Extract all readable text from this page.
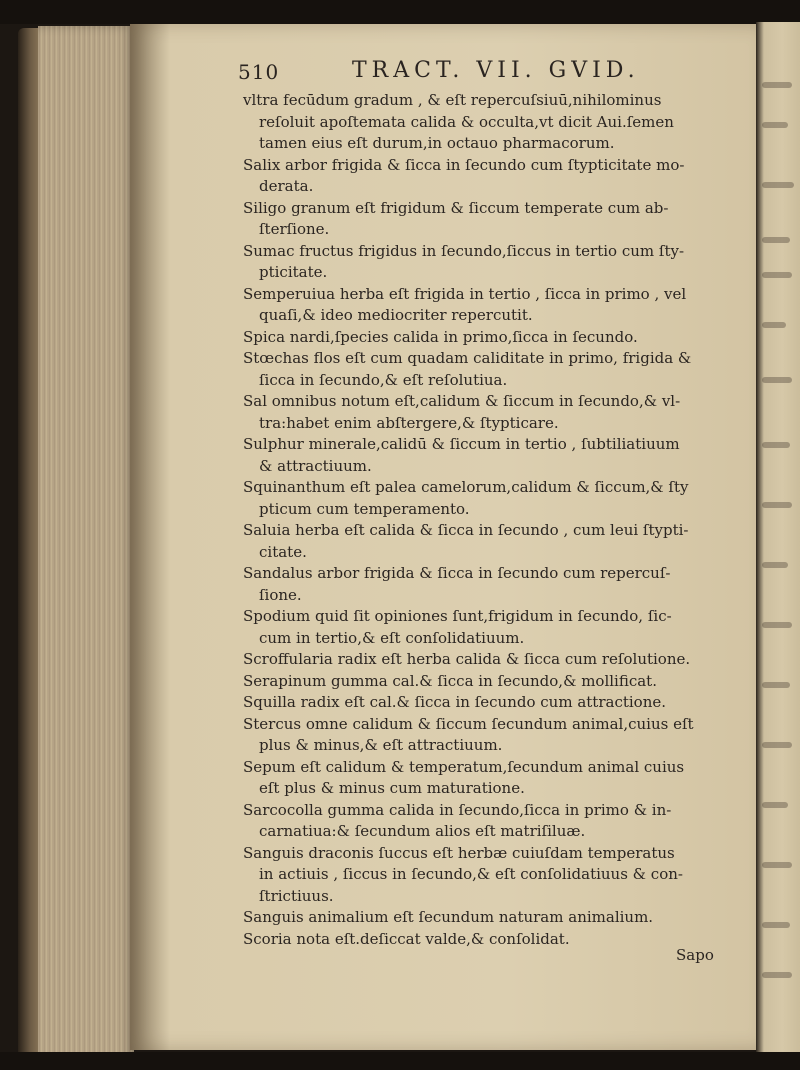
510	TRACT. VII. GVID.
vltra fecūdum gradum , & eſt repercuſsiuū,nihilominus
reſoluit apoſtemata calida & occulta,vt dicit Aui.ſemen
tamen eius eſt durum,in octauo pharmacorum.
Salix arbor frigida & ſicca in ſecundo cum ſtypticitate mo-
derata.
Siligo granum eſt frigidum & ſiccum temperate cum ab-
ſterſione.
Sumac fructus frigidus in ſecundo,ſiccus in tertio cum ſty-
pticitate.
Semperuiua herba eſt frigida in tertio , ſicca in primo , vel
quaſi,& ideo mediocriter repercutit.
Spica nardi,ſpecies calida in primo,ſicca in ſecundo.
Stœchas flos eſt cum quadam caliditate in primo, frigida &
ſicca in ſecundo,& eſt reſolutiua.
Sal omnibus notum eſt,calidum & ſiccum in ſecundo,& vl-
tra:habet enim abſtergere,& ſtypticare.
Sulphur minerale,calidū & ſiccum in tertio , ſubtiliatiuum
& attractiuum.
Squinanthum eſt palea camelorum,calidum & ſiccum,& ſty
pticum cum temperamento.
Saluia herba eſt calida & ſicca in ſecundo , cum leui ſtypti-
citate.
Sandalus arbor frigida & ſicca in ſecundo cum repercuſ-
ſione.
Spodium quid ſit opiniones ſunt,frigidum in ſecundo, ſic-
cum in tertio,& eſt conſolidatiuum.
Scroffularia radix eſt herba calida & ſicca cum reſolutione.
Serapinum gumma cal.& ſicca in ſecundo,& mollificat.
Squilla radix eſt cal.& ſicca in ſecundo cum attractione.
Stercus omne calidum & ſiccum ſecundum animal,cuius eſt
plus & minus,& eſt attractiuum.
Sepum eſt calidum & temperatum,ſecundum animal cuius
eſt plus & minus cum maturatione.
Sarcocolla gumma calida in ſecundo,ſicca in primo & in-
carnatiua:& ſecundum alios eſt matriſiluæ.
Sanguis draconis ſuccus eſt herbæ cuiuſdam temperatus
in actiuis , ſiccus in ſecundo,& eſt conſolidatiuus & con-
ſtrictiuus.
Sanguis animalium eſt ſecundum naturam animalium.
Scoria nota eſt.deſiccat valde,& conſolidat.
Sapo
